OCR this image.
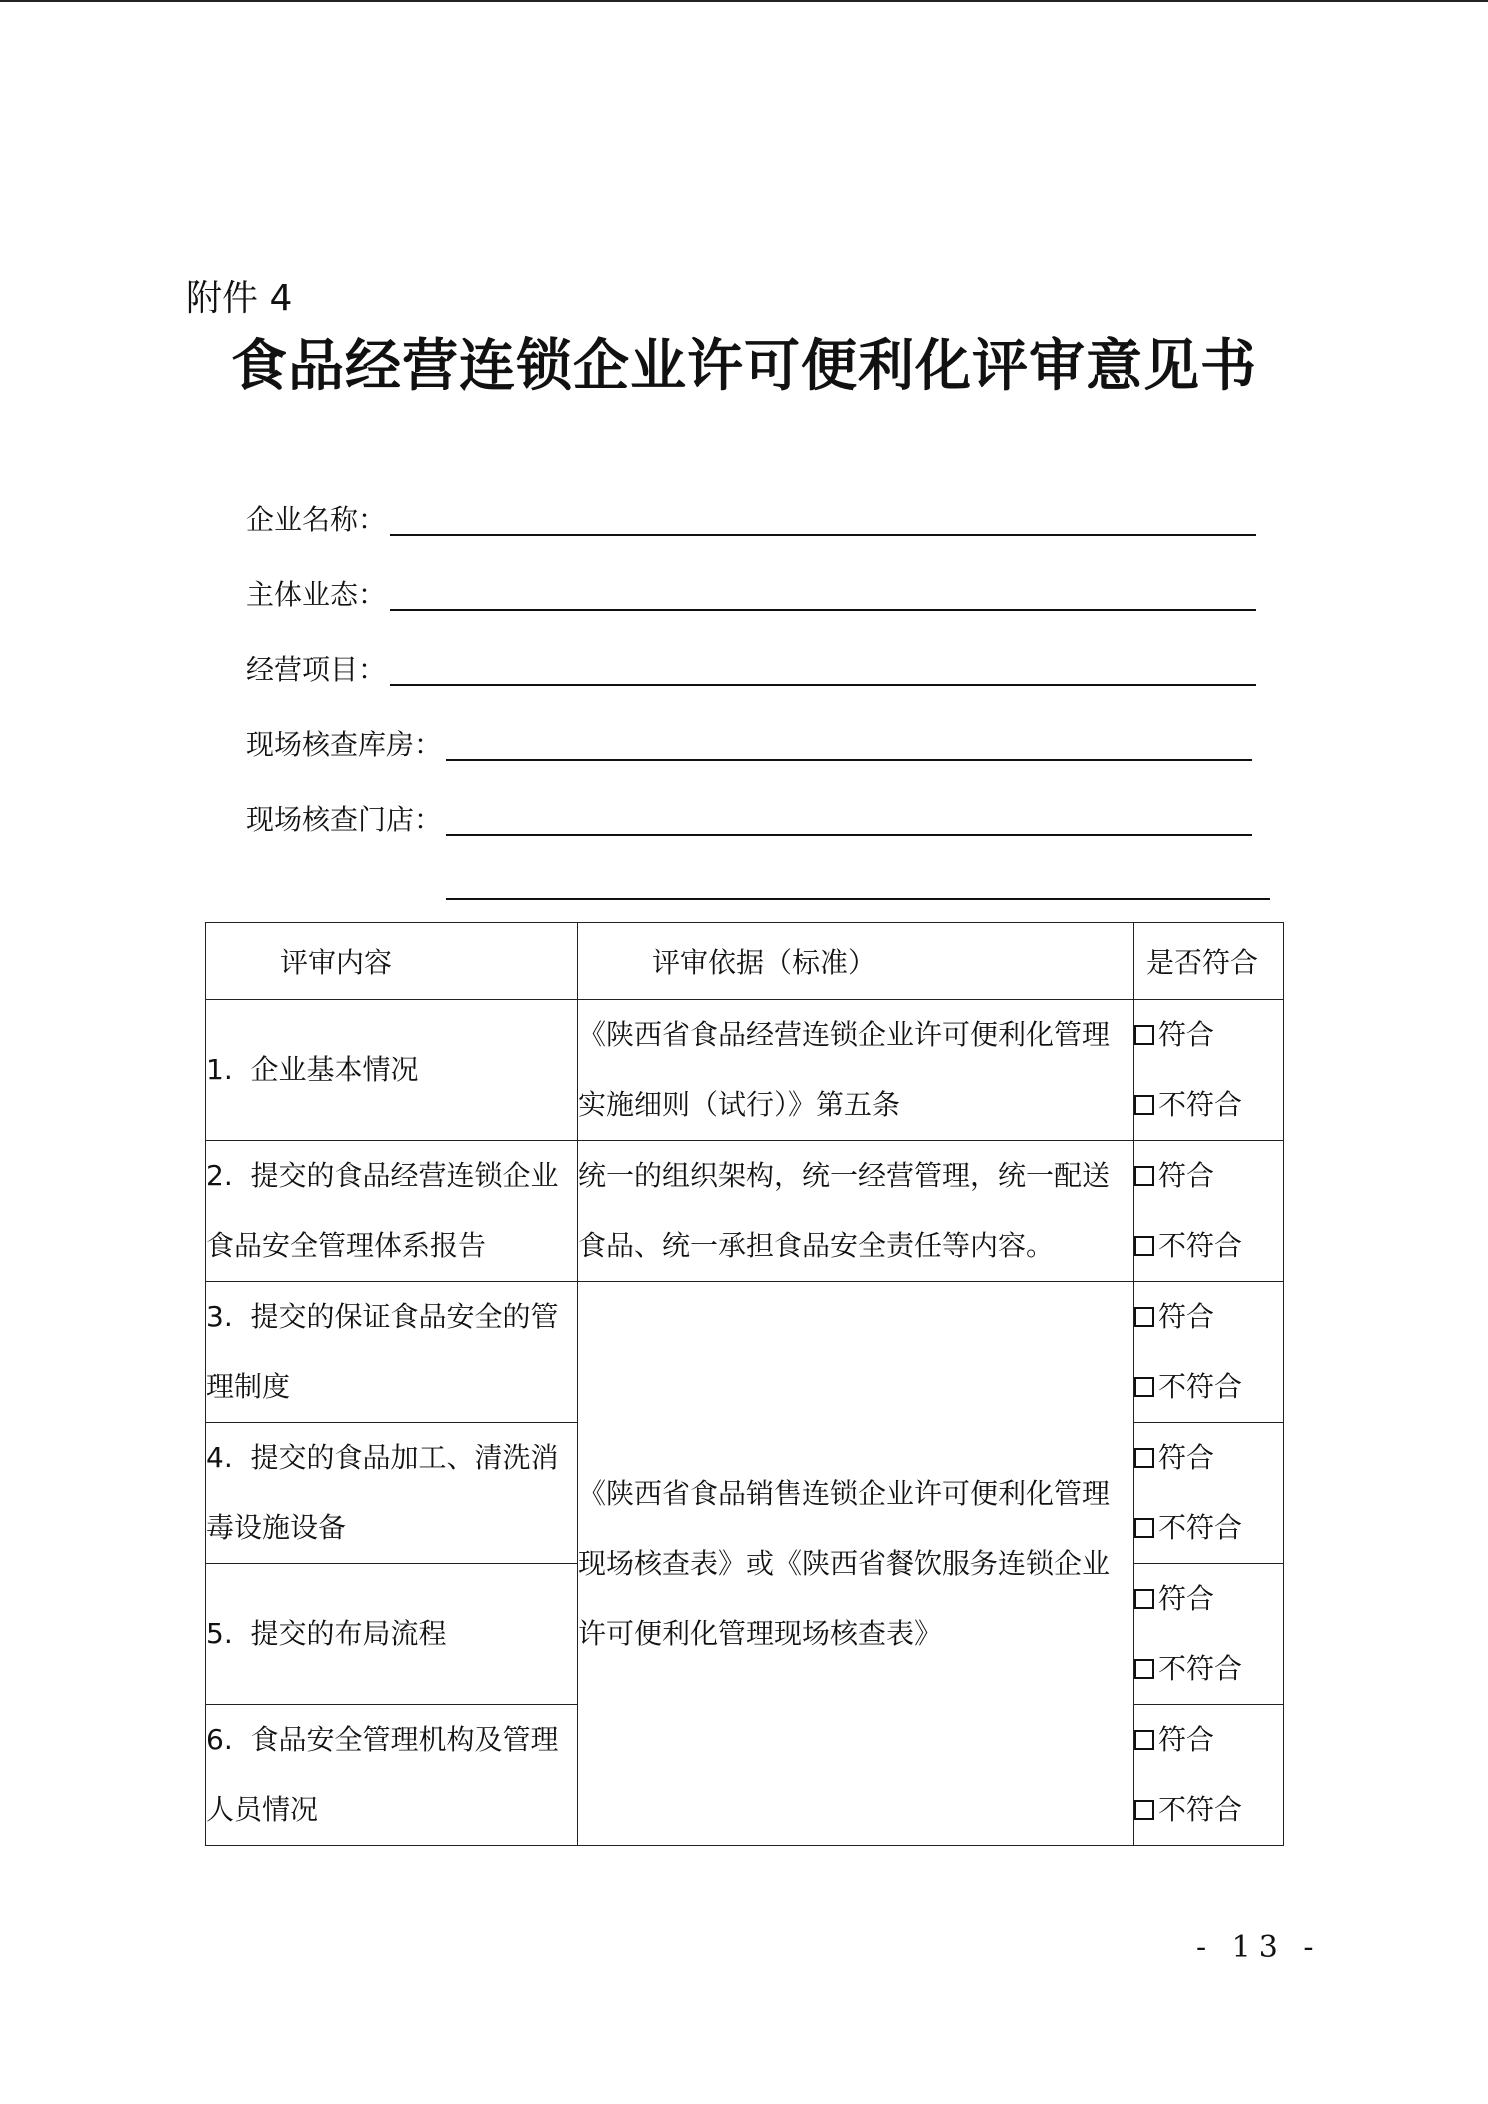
附件 4
食品经营连锁企业许可便利化评审意见书
企业名称：
主体业态：
经营项目：
现场核查库房：
现场核查门店：
评审内容	评审依据（标准）	是否符合
1. 企业基本情况	《陕西省食品经营连锁企业许可便利化管理实施细则（试行）》第五条	符合
不符合

2. 提交的食品经营连锁企业食品安全管理体系报告	统一的组织架构，统一经营管理，统一配送食品、统一承担食品安全责任等内容。	符合
不符合

3. 提交的保证食品安全的管理制度	《陕西省食品销售连锁企业许可便利化管理现场核查表》或《陕西省餐饮服务连锁企业许可便利化管理现场核查表》	符合
不符合

4. 提交的食品加工、清洗消毒设施设备		符合
不符合

5. 提交的布局流程		符合
不符合

6. 食品安全管理机构及管理人员情况		符合
不符合
- 13 -
